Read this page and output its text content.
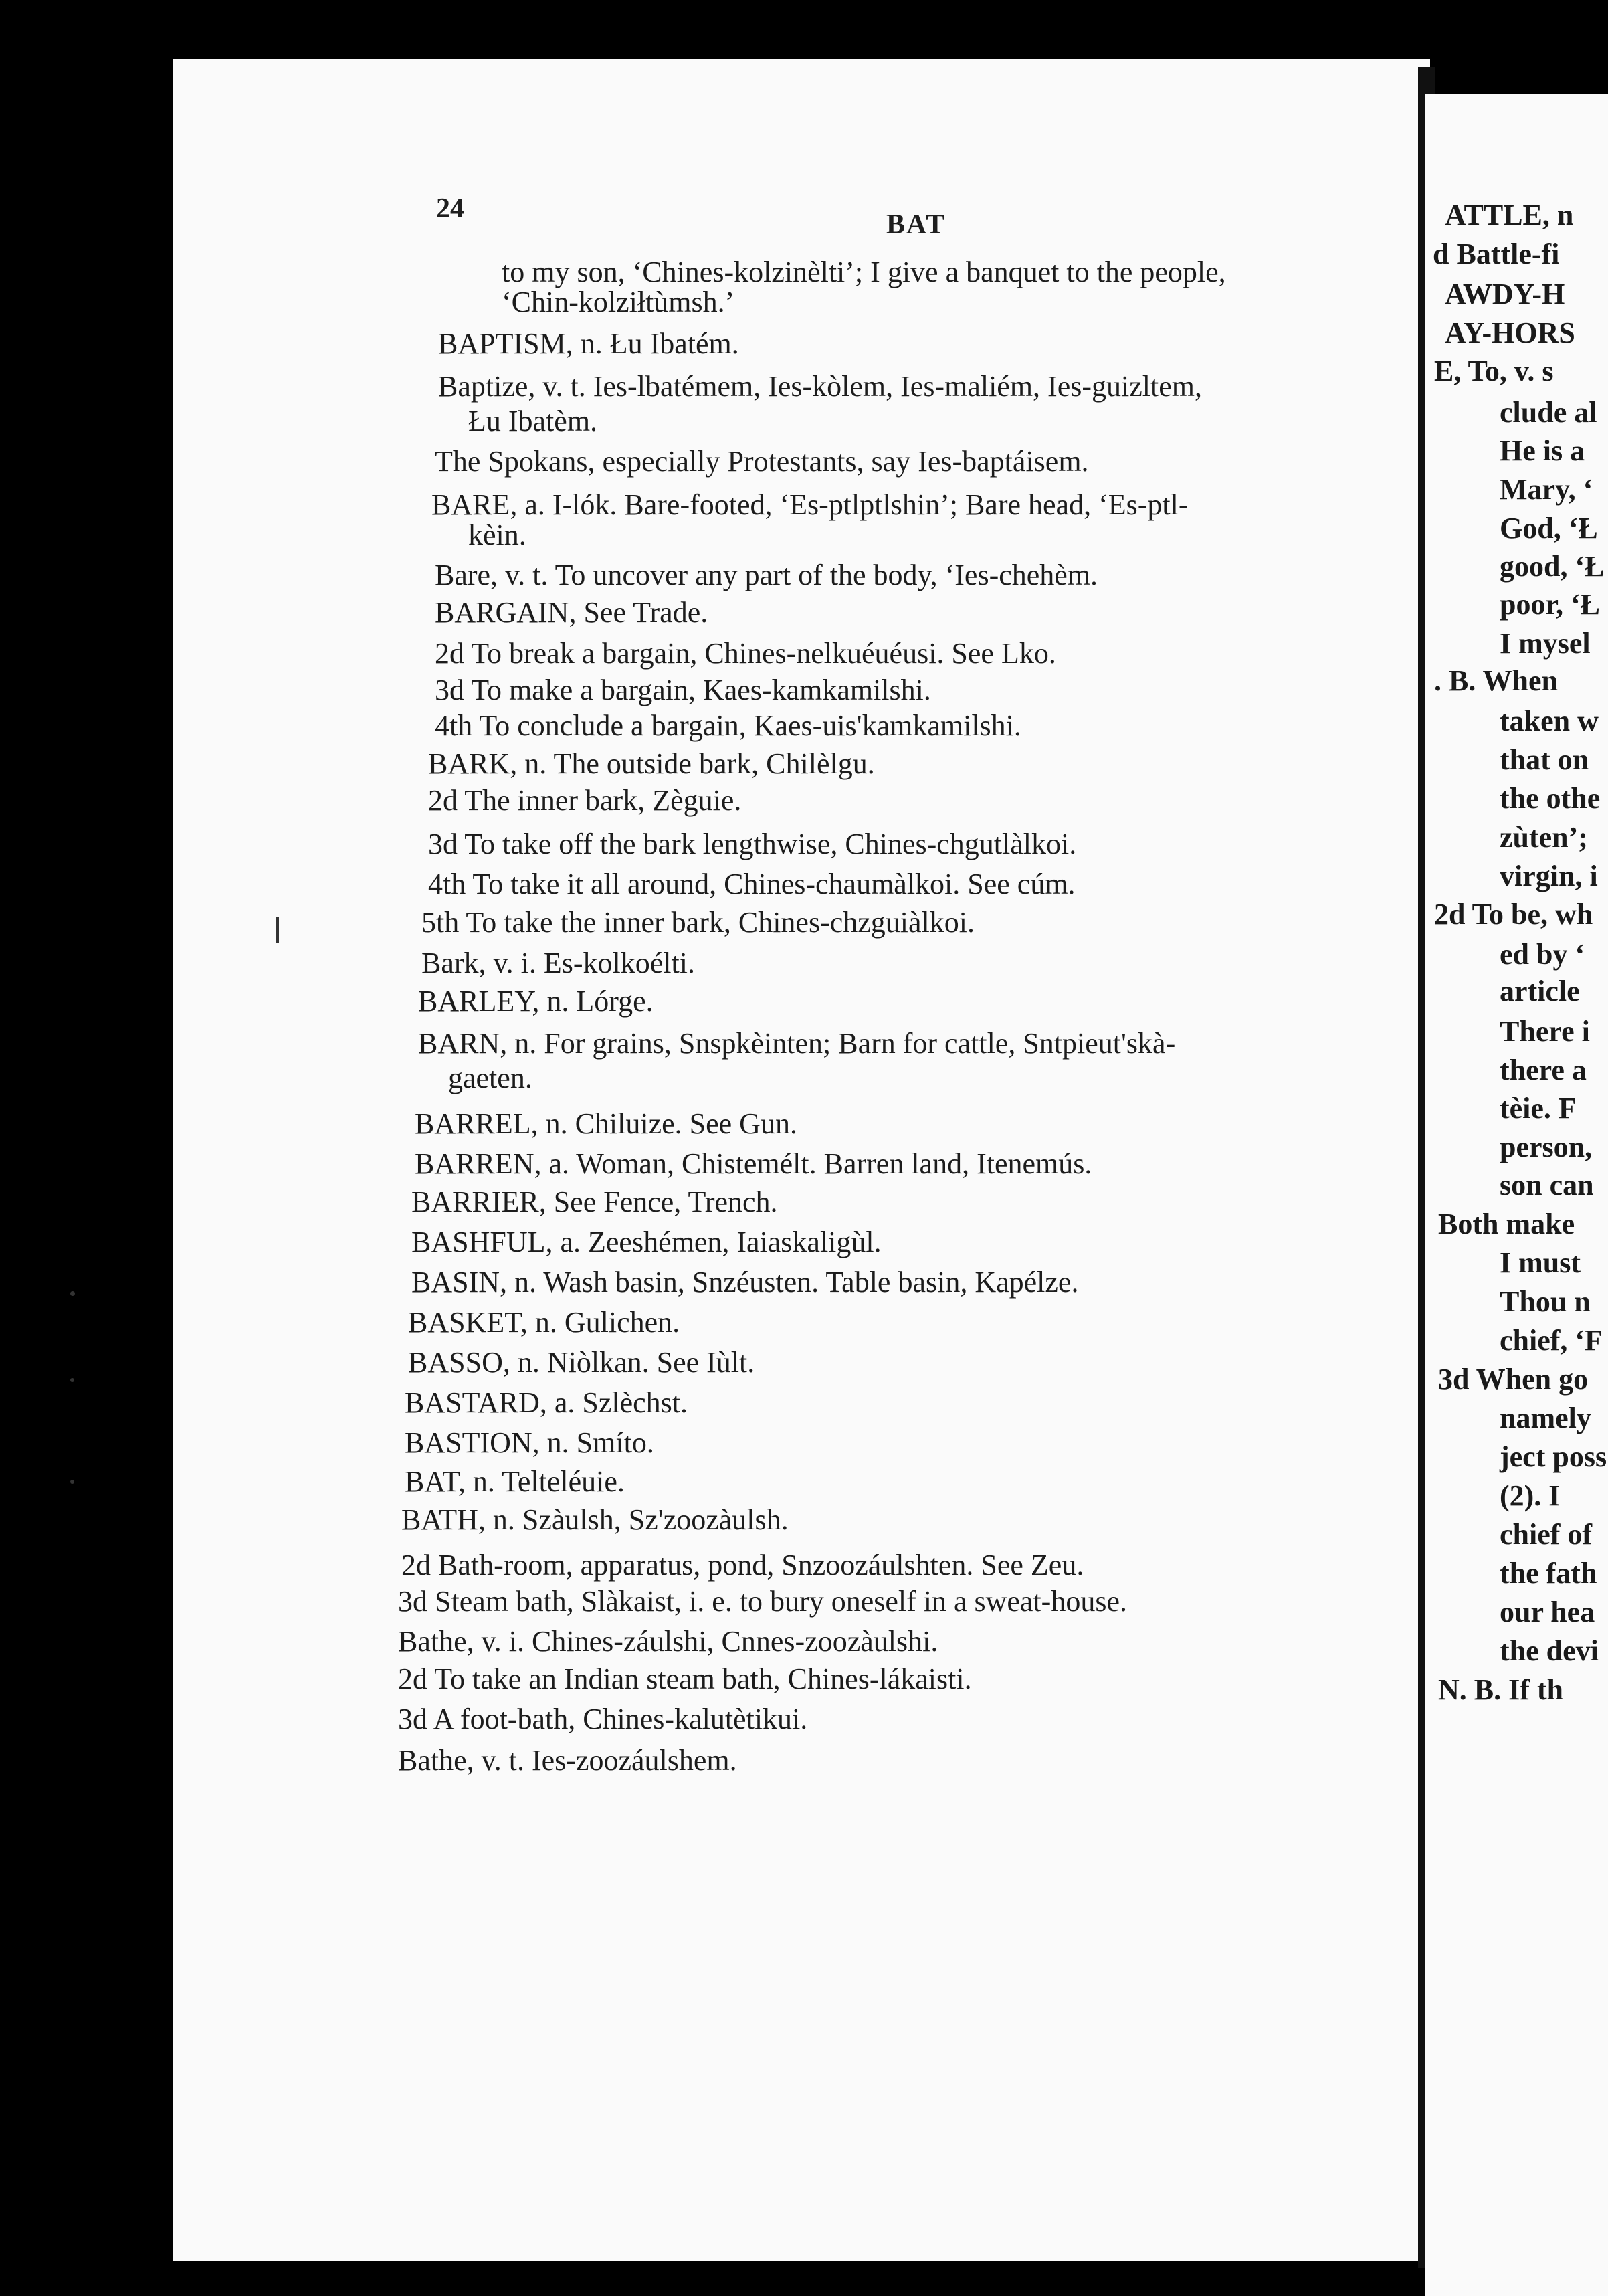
ATTLE, n
d Battle-fi
AWDY-H
AY-HORS
E, To, v. s
clude al
He is a
Mary, ‘
God, ‘Ł
good, ‘Ł
poor, ‘Ł
I mysel
. B. When
taken w
that on
the othe
zùten’;
virgin, i
2d To be, wh
ed by ‘
article
There i
there a
tèie. F
person,
son can
Both make
I must
Thou n
chief, ‘F
3d When go
namely
ject poss
(2). I
chief of
the fath
our hea
the devi
N. B. If th
24
BAT
to my son, ‘Chines-kolzinèlti’; I give a banquet to the people,
‘Chin-kolziłtùmsh.’
BAPTISM, n. Łu Ibatém.
Baptize, v. t. Ies-lbatémem, Ies-kòlem, Ies-maliém, Ies-guizltem,
Łu Ibatèm.
The Spokans, especially Protestants, say Ies-baptáisem.
BARE, a. I-lók. Bare-footed, ‘Es-ptlptlshin’; Bare head, ‘Es-ptl-
kèin.
Bare, v. t. To uncover any part of the body, ‘Ies-chehèm.
BARGAIN, See Trade.
2d To break a bargain, Chines-nelkuéuéusi. See Lko.
3d To make a bargain, Kaes-kamkamilshi.
4th To conclude a bargain, Kaes-uis'kamkamilshi.
BARK, n. The outside bark, Chilèlgu.
2d The inner bark, Zèguie.
3d To take off the bark lengthwise, Chines-chgutlàlkoi.
4th To take it all around, Chines-chaumàlkoi. See cúm.
5th To take the inner bark, Chines-chzguiàlkoi.
Bark, v. i. Es-kolkoélti.
BARLEY, n. Lórge.
BARN, n. For grains, Snspkèinten; Barn for cattle, Sntpieut'skà-
gaeten.
BARREL, n. Chiluize. See Gun.
BARREN, a. Woman, Chistemélt. Barren land, Itenemús.
BARRIER, See Fence, Trench.
BASHFUL, a. Zeeshémen, Iaiaskaligùl.
BASIN, n. Wash basin, Snzéusten. Table basin, Kapélze.
BASKET, n. Gulichen.
BASSO, n. Niòlkan. See Iùlt.
BASTARD, a. Szlèchst.
BASTION, n. Smíto.
BAT, n. Telteléuie.
BATH, n. Szàulsh, Sz'zoozàulsh.
2d Bath-room, apparatus, pond, Snzoozáulshten. See Zeu.
3d Steam bath, Slàkaist, i. e. to bury oneself in a sweat-house.
Bathe, v. i. Chines-záulshi, Cnnes-zoozàulshi.
2d To take an Indian steam bath, Chines-lákaisti.
3d A foot-bath, Chines-kalutètikui.
Bathe, v. t. Ies-zoozáulshem.
